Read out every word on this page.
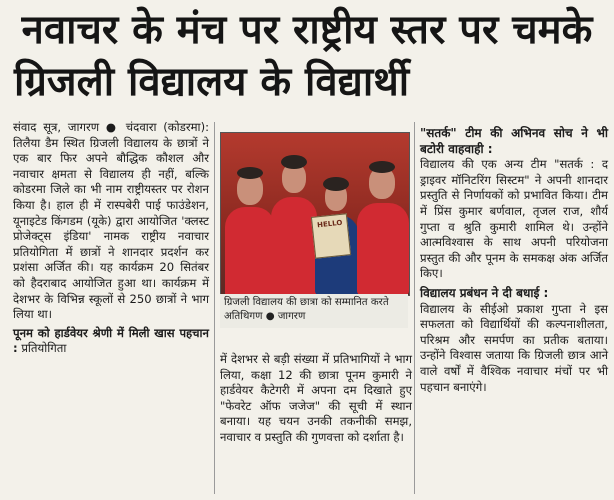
नवाचर के मंच पर राष्ट्रीय स्तर पर चमके
ग्रिजली विद्यालय के विद्यार्थी

संवाद सूत्र, जागरण ● चंदवारा (कोडरमा): तिलैया डैम स्थित ग्रिजली विद्यालय के छात्रों ने एक बार फिर अपने बौद्धिक कौशल और नवाचार क्षमता से विद्यालय ही नहीं, बल्कि कोडरमा जिले का भी नाम राष्ट्रीयस्तर पर रोशन किया है। हाल ही में रास्पबेरी पाई फाउंडेशन, यूनाइटेड किंगडम (यूके) द्वारा आयोजित 'क्लस्ट प्रोजेक्ट्स इंडिया' नामक राष्ट्रीय नवाचार प्रतियोगिता में छात्रों ने शानदार प्रदर्शन कर प्रशंसा अर्जित की। यह कार्यक्रम 20 सितंबर को हैदराबाद आयोजित हुआ था। कार्यक्रम में देशभर के विभिन्न स्कूलों से 250 छात्रों ने भाग लिया था।

पूनम को हार्डवेयर श्रेणी में मिली खास पहचान : प्रतियोगिता

HELLO
ग्रिजली विद्यालय की छात्रा को सम्मानित करते अतिथिगण ● जागरण

में देशभर से बड़ी संख्या में प्रतिभागियों ने भाग लिया, कक्षा 12 की छात्रा पूनम कुमारी ने हार्डवेयर कैटेगरी में अपना दम दिखाते हुए "फेवरेट ऑफ जजेज" की सूची में स्थान बनाया। यह चयन उनकी तकनीकी समझ, नवाचार व प्रस्तुति की गुणवत्ता को दर्शाता है।

"सतर्क" टीम की अभिनव सोच ने भी बटोरी वाहवाही :

विद्यालय की एक अन्य टीम "सतर्क : द ड्राइवर मॉनिटरिंग सिस्टम" ने अपनी शानदार प्रस्तुति से निर्णायकों को प्रभावित किया। टीम में प्रिंस कुमार बर्णवाल, तृजल राज, शौर्य गुप्ता व श्रुति कुमारी शामिल थे। उन्होंने आत्मविश्वास के साथ अपनी परियोजना प्रस्तुत की और पूनम के समकक्ष अंक अर्जित किए।

विद्यालय प्रबंधन ने दी बधाई :

विद्यालय के सीईओ प्रकाश गुप्ता ने इस सफलता को विद्यार्थियों की कल्पनाशीलता, परिश्रम और समर्पण का प्रतीक बताया। उन्होंने विश्वास जताया कि ग्रिजली छात्र आने वाले वर्षों में वैश्विक नवाचार मंचों पर भी पहचान बनाएंगे।
